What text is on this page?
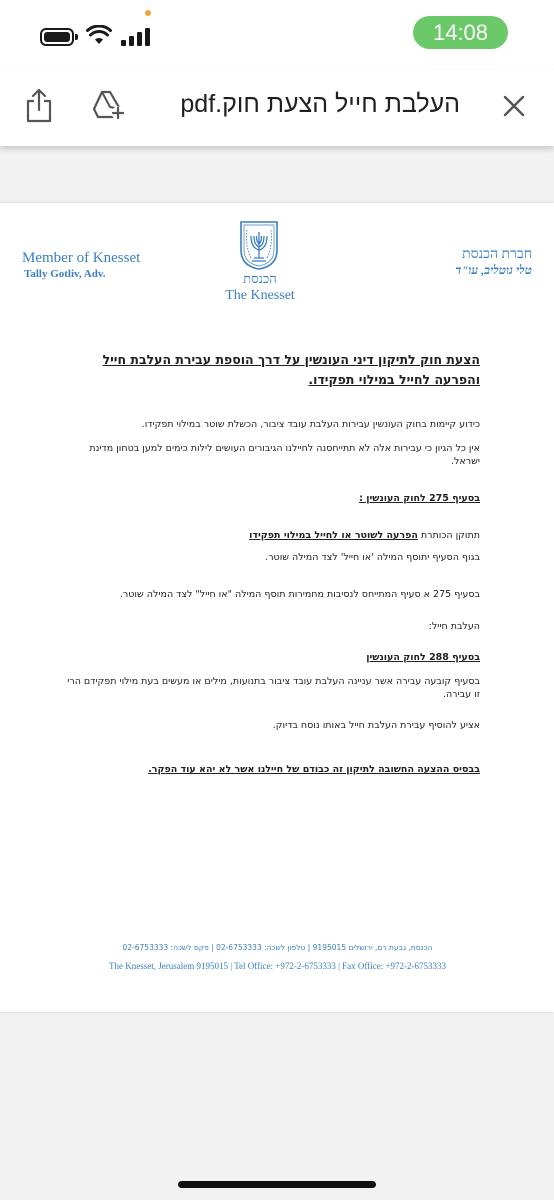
14:08
העלבת חייל הצעת חוק.pdf
Member of Knesset
Tally Gotliv, Adv.	הכנסת
The Knesset
חברת הכנסת
טלי גוטליב, עו"ד
הצעת חוק לתיקון דיני העונשין על דרך הוספת עבירת העלבת חייל והפרעה לחייל במילוי תפקידו.
כידוע קיימות בחוק העונשין עבירות העלבת עובד ציבור, הכשלת שוטר במילוי תפקידו.
אין כל הגיון כי עבירות אלה לא תתייחסנה לחיילנו הגיבורים העושים לילות כימים למען בטחון מדינת ישראל.
בסעיף 275 לחוק העונשין :
תתוקן הכותרת הפרעה לשוטר או לחייל במילוי תפקידו
בגוף הסעיף יתוסף המילה 'או חייל' לצד המילה שוטר.
בסעיף 275 א סעיף המתייחס לנסיבות מחמירות תוסף המילה "או חייל" לצד המילה שוטר.
העלבת חייל:
בסעיף 288 לחוק העונשין
בסעיף קובעה עבירה אשר עניינה העלבת עובד ציבור בתנועות, מילים או מעשים בעת מילוי תפקידם הרי זו עבירה.
אציע להוסיף עבירת העלבת חייל באותו נוסח בדיוק.
בבסיס ההצעה החשובה לתיקון זה כבודם של חיילנו אשר לא יהא עוד הפקר.
הכנסת, גבעת רם, ירושלים 9195015 | טלפון לשכה: 02-6753333 | פקס לשכה: 02-6753333
The Knesset, Jerusalem 9195015 | Tel Office: +972-2-6753333 | Fax Office: +972-2-6753333
